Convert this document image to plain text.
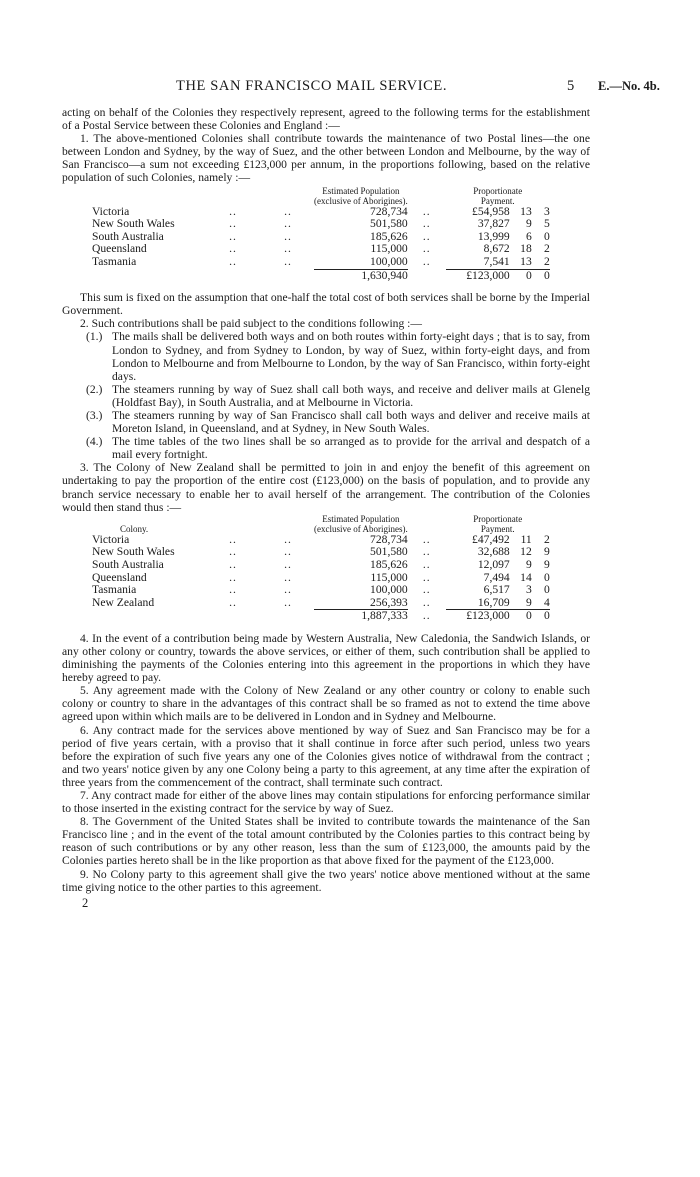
THE SAN FRANCISCO MAIL SERVICE.	5 E.—No. 4b.

acting on behalf of the Colonies they respectively represent, agreed to the following terms for the establishment of a Postal Service between these Colonies and England :—

1. The above-mentioned Colonies shall contribute towards the maintenance of two Postal lines—the one between London and Sydney, by the way of Suez, and the other between London and Melbourne, by the way of San Francisco—a sum not exceeding £123,000 per annum, in the proportions following, based on the relative population of such Colonies, namely :—

			Estimated Population
(exclusive of Aborigines).		Proportionate
Payment.		
Victoria	..	..	728,734	..	£54,958	13	3
New South Wales	..	..	501,580	..	37,827	9	5
South Australia	..	..	185,626	..	13,999	6	0
Queensland	..	..	115,000	..	8,672	18	2
Tasmania	..	..	100,000	..	7,541	13	2

			1,630,940		£123,000	0	0

This sum is fixed on the assumption that one-half the total cost of both services shall be borne by the Imperial Government.

2. Such contributions shall be paid subject to the conditions following :—

(1.) The mails shall be delivered both ways and on both routes within forty-eight days ; that is to say, from London to Sydney, and from Sydney to London, by way of Suez, within forty-eight days, and from London to Melbourne and from Melbourne to London, by the way of San Francisco, within forty-eight days.
(2.) The steamers running by way of Suez shall call both ways, and receive and deliver mails at Glenelg (Holdfast Bay), in South Australia, and at Melbourne in Victoria.
(3.) The steamers running by way of San Francisco shall call both ways and deliver and receive mails at Moreton Island, in Queensland, and at Sydney, in New South Wales.
(4.) The time tables of the two lines shall be so arranged as to provide for the arrival and despatch of a mail every fortnight.

3. The Colony of New Zealand shall be permitted to join in and enjoy the benefit of this agreement on undertaking to pay the proportion of the entire cost (£123,000) on the basis of population, and to provide any branch service necessary to enable her to avail herself of the arrangement. The contribution of the Colonies would then stand thus :—

Colony.			Estimated Population
(exclusive of Aborigines).		Proportionate
Payment.		
Victoria	..	..	728,734	..	£47,492	11	2
New South Wales	..	..	501,580	..	32,688	12	9
South Australia	..	..	185,626	..	12,097	9	9
Queensland	..	..	115,000	..	7,494	14	0
Tasmania	..	..	100,000	..	6,517	3	0
New Zealand	..	..	256,393	..	16,709	9	4

			1,887,333	..	£123,000	0	0

4. In the event of a contribution being made by Western Australia, New Caledonia, the Sandwich Islands, or any other colony or country, towards the above services, or either of them, such contribution shall be applied to diminishing the payments of the Colonies entering into this agreement in the proportions in which they have hereby agreed to pay.

5. Any agreement made with the Colony of New Zealand or any other country or colony to enable such colony or country to share in the advantages of this contract shall be so framed as not to extend the time above agreed upon within which mails are to be delivered in London and in Sydney and Melbourne.

6. Any contract made for the services above mentioned by way of Suez and San Francisco may be for a period of five years certain, with a proviso that it shall continue in force after such period, unless two years before the expiration of such five years any one of the Colonies gives notice of withdrawal from the contract ; and two years' notice given by any one Colony being a party to this agreement, at any time after the expiration of three years from the commencement of the contract, shall terminate such contract.

7. Any contract made for either of the above lines may contain stipulations for enforcing performance similar to those inserted in the existing contract for the service by way of Suez.

8. The Government of the United States shall be invited to contribute towards the maintenance of the San Francisco line ; and in the event of the total amount contributed by the Colonies parties to this contract being by reason of such contributions or by any other reason, less than the sum of £123,000, the amounts paid by the Colonies parties hereto shall be in the like proportion as that above fixed for the payment of the £123,000.

9. No Colony party to this agreement shall give the two years' notice above mentioned without at the same time giving notice to the other parties to this agreement.

2
